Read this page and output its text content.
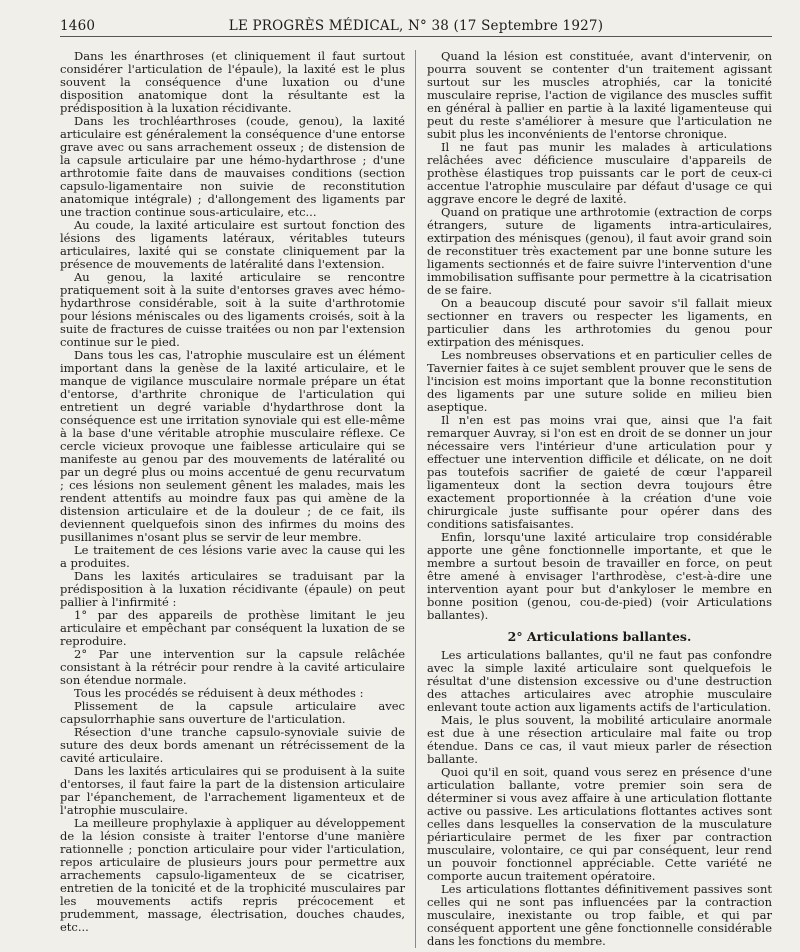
1460	LE PROGRÈS MÉDICAL, N° 38 (17 Septembre 1927)

Dans les énarthroses (et cliniquement il faut surtout considérer l'articulation de l'épaule), la laxité est le plus souvent la conséquence d'une luxation ou d'une disposition anatomique dont la résultante est la prédisposition à la luxation récidivante.

Dans les trochléarthroses (coude, genou), la laxité articulaire est généralement la conséquence d'une entorse grave avec ou sans arrachement osseux ; de distension de la capsule articulaire par une hémo-hydarthrose ; d'une arthrotomie faite dans de mauvaises conditions (section capsulo-ligamentaire non suivie de reconstitution anatomique intégrale) ; d'allongement des ligaments par une traction continue sous-articulaire, etc...

Au coude, la laxité articulaire est surtout fonction des lésions des ligaments latéraux, véritables tuteurs articulaires, laxité qui se constate cliniquement par la présence de mouvements de latéralité dans l'extension.

Au genou, la laxité articulaire se rencontre pratiquement soit à la suite d'entorses graves avec hémo-hydarthrose considérable, soit à la suite d'arthrotomie pour lésions méniscales ou des ligaments croisés, soit à la suite de fractures de cuisse traitées ou non par l'extension continue sur le pied.

Dans tous les cas, l'atrophie musculaire est un élément important dans la genèse de la laxité articulaire, et le manque de vigilance musculaire normale prépare un état d'entorse, d'arthrite chronique de l'articulation qui entretient un degré variable d'hydarthrose dont la conséquence est une irritation synoviale qui est elle-même à la base d'une véritable atrophie musculaire réflexe. Ce cercle vicieux provoque une faiblesse articulaire qui se manifeste au genou par des mouvements de latéralité ou par un degré plus ou moins accentué de genu recurvatum ; ces lésions non seulement gênent les malades, mais les rendent attentifs au moindre faux pas qui amène de la distension articulaire et de la douleur ; de ce fait, ils deviennent quelquefois sinon des infirmes du moins des pusillanimes n'osant plus se servir de leur membre.

Le traitement de ces lésions varie avec la cause qui les a produites.

Dans les laxités articulaires se traduisant par la prédisposition à la luxation récidivante (épaule) on peut pallier à l'infirmité :

1° par des appareils de prothèse limitant le jeu articulaire et empêchant par conséquent la luxation de se reproduire.

2° Par une intervention sur la capsule relâchée consistant à la rétrécir pour rendre à la cavité articulaire son étendue normale.

Tous les procédés se réduisent à deux méthodes :

Plissement de la capsule articulaire avec capsulorrhaphie sans ouverture de l'articulation.

Résection d'une tranche capsulo-synoviale suivie de suture des deux bords amenant un rétrécissement de la cavité articulaire.

Dans les laxités articulaires qui se produisent à la suite d'entorses, il faut faire la part de la distension articulaire par l'épanchement, de l'arrachement ligamenteux et de l'atrophie musculaire.

La meilleure prophylaxie à appliquer au développement de la lésion consiste à traiter l'entorse d'une manière rationnelle ; ponction articulaire pour vider l'articulation, repos articulaire de plusieurs jours pour permettre aux arrachements capsulo-ligamenteux de se cicatriser, entretien de la tonicité et de la trophicité musculaires par les mouvements actifs repris précocement et prudemment, massage, électrisation, douches chaudes, etc...

Quand la lésion est constituée, avant d'intervenir, on pourra souvent se contenter d'un traitement agissant surtout sur les muscles atrophiés, car la tonicité musculaire reprise, l'action de vigilance des muscles suffit en général à pallier en partie à la laxité ligamenteuse qui peut du reste s'améliorer à mesure que l'articulation ne subit plus les inconvénients de l'entorse chronique.

Il ne faut pas munir les malades à articulations relâchées avec déficience musculaire d'appareils de prothèse élastiques trop puissants car le port de ceux-ci accentue l'atrophie musculaire par défaut d'usage ce qui aggrave encore le degré de laxité.

Quand on pratique une arthrotomie (extraction de corps étrangers, suture de ligaments intra-articulaires, extirpation des ménisques (genou), il faut avoir grand soin de reconstituer très exactement par une bonne suture les ligaments sectionnés et de faire suivre l'intervention d'une immobilisation suffisante pour permettre à la cicatrisation de se faire.

On a beaucoup discuté pour savoir s'il fallait mieux sectionner en travers ou respecter les ligaments, en particulier dans les arthrotomies du genou pour extirpation des ménisques.

Les nombreuses observations et en particulier celles de Tavernier faites à ce sujet semblent prouver que le sens de l'incision est moins important que la bonne reconstitution des ligaments par une suture solide en milieu bien aseptique.

Il n'en est pas moins vrai que, ainsi que l'a fait remarquer Auvray, si l'on est en droit de se donner un jour nécessaire vers l'intérieur d'une articulation pour y effectuer une intervention difficile et délicate, on ne doit pas toutefois sacrifier de gaieté de cœur l'appareil ligamenteux dont la section devra toujours être exactement proportionnée à la création d'une voie chirurgicale juste suffisante pour opérer dans des conditions satisfaisantes.

Enfin, lorsqu'une laxité articulaire trop considérable apporte une gêne fonctionnelle importante, et que le membre a surtout besoin de travailler en force, on peut être amené à envisager l'arthrodèse, c'est-à-dire une intervention ayant pour but d'ankyloser le membre en bonne position (genou, cou-de-pied) (voir Articulations ballantes).

2° Articulations ballantes.

Les articulations ballantes, qu'il ne faut pas confondre avec la simple laxité articulaire sont quelquefois le résultat d'une distension excessive ou d'une destruction des attaches articulaires avec atrophie musculaire enlevant toute action aux ligaments actifs de l'articulation.

Mais, le plus souvent, la mobilité articulaire anormale est due à une résection articulaire mal faite ou trop étendue. Dans ce cas, il vaut mieux parler de résection ballante.

Quoi qu'il en soit, quand vous serez en présence d'une articulation ballante, votre premier soin sera de déterminer si vous avez affaire à une articulation flottante active ou passive. Les articulations flottantes actives sont celles dans lesquelles la conservation de la musculature périarticulaire permet de les fixer par contraction musculaire, volontaire, ce qui par conséquent, leur rend un pouvoir fonctionnel appréciable. Cette variété ne comporte aucun traitement opératoire.

Les articulations flottantes définitivement passives sont celles qui ne sont pas influencées par la contraction musculaire, inexistante ou trop faible, et qui par conséquent apportent une gêne fonctionnelle considérable dans les fonctions du membre.
